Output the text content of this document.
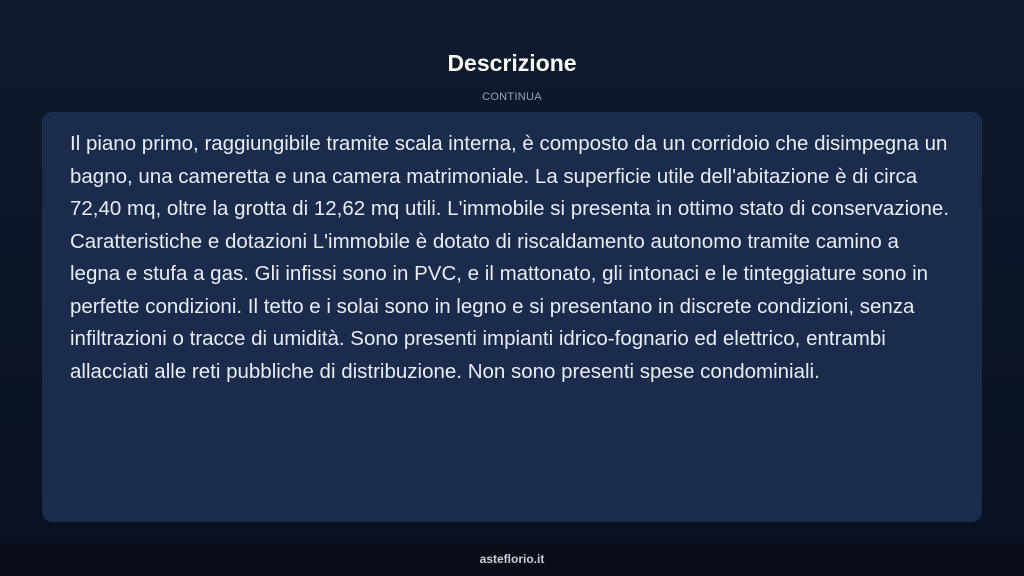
Descrizione
CONTINUA

Il piano primo, raggiungibile tramite scala interna, è composto da un corridoio che disimpegna un bagno, una cameretta e una camera matrimoniale. La superficie utile dell'abitazione è di circa 72,40 mq, oltre la grotta di 12,62 mq utili. L'immobile si presenta in ottimo stato di conservazione. Caratteristiche e dotazioni L'immobile è dotato di riscaldamento autonomo tramite camino a legna e stufa a gas. Gli infissi sono in PVC, e il mattonato, gli intonaci e le tinteggiature sono in perfette condizioni. Il tetto e i solai sono in legno e si presentano in discrete condizioni, senza infiltrazioni o tracce di umidità. Sono presenti impianti idrico-fognario ed elettrico, entrambi allacciati alle reti pubbliche di distribuzione. Non sono presenti spese condominiali.

asteflorio.it
